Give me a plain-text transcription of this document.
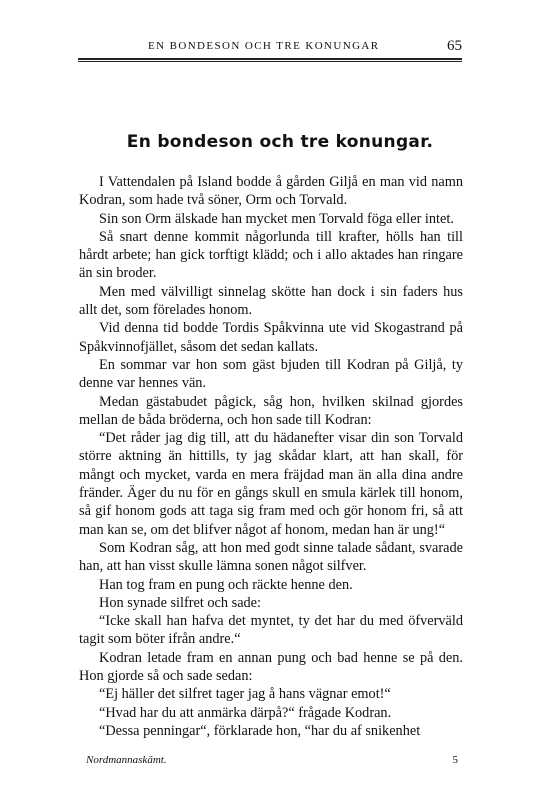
EN BONDESON OCH TRE KONUNGAR	65
En bondeson och tre konungar.

I Vattendalen på Island bodde å gården Giljå en man vid namn Kodran, som hade två söner, Orm och Torvald.

Sin son Orm älskade han mycket men Torvald föga eller intet.

Så snart denne kommit någorlunda till krafter, hölls han till hårdt arbete; han gick torftigt klädd; och i allo aktades han ringare än sin broder.

Men med välvilligt sinnelag skötte han dock i sin faders hus allt det, som förelades honom.

Vid denna tid bodde Tordis Spåkvinna ute vid Skogastrand på Spåkvinnofjället, såsom det sedan kallats.

En sommar var hon som gäst bjuden till Kodran på Giljå, ty denne var hennes vän.

Medan gästabudet pågick, såg hon, hvilken skilnad gjordes mellan de båda bröderna, och hon sade till Kodran:

“Det råder jag dig till, att du hädanefter visar din son Torvald större aktning än hittills, ty jag skådar klart, att han skall, för mångt och mycket, varda en mera fräjdad man än alla dina andre fränder. Äger du nu för en gångs skull en smula kärlek till honom, så gif honom gods att taga sig fram med och gör honom fri, så att man kan se, om det blifver något af honom, medan han är ung!“

Som Kodran såg, att hon med godt sinne talade sådant, svarade han, att han visst skulle lämna sonen något silfver.

Han tog fram en pung och räckte henne den.

Hon synade silfret och sade:

“Icke skall han hafva det myntet, ty det har du med öfverväld tagit som böter ifrån andre.“

Kodran letade fram en annan pung och bad henne se på den. Hon gjorde så och sade sedan:

“Ej häller det silfret tager jag å hans vägnar emot!“

“Hvad har du att anmärka därpå?“ frågade Kodran.

“Dessa penningar“, förklarade hon, “har du af snikenhet

Nordmannaskämt.	5
